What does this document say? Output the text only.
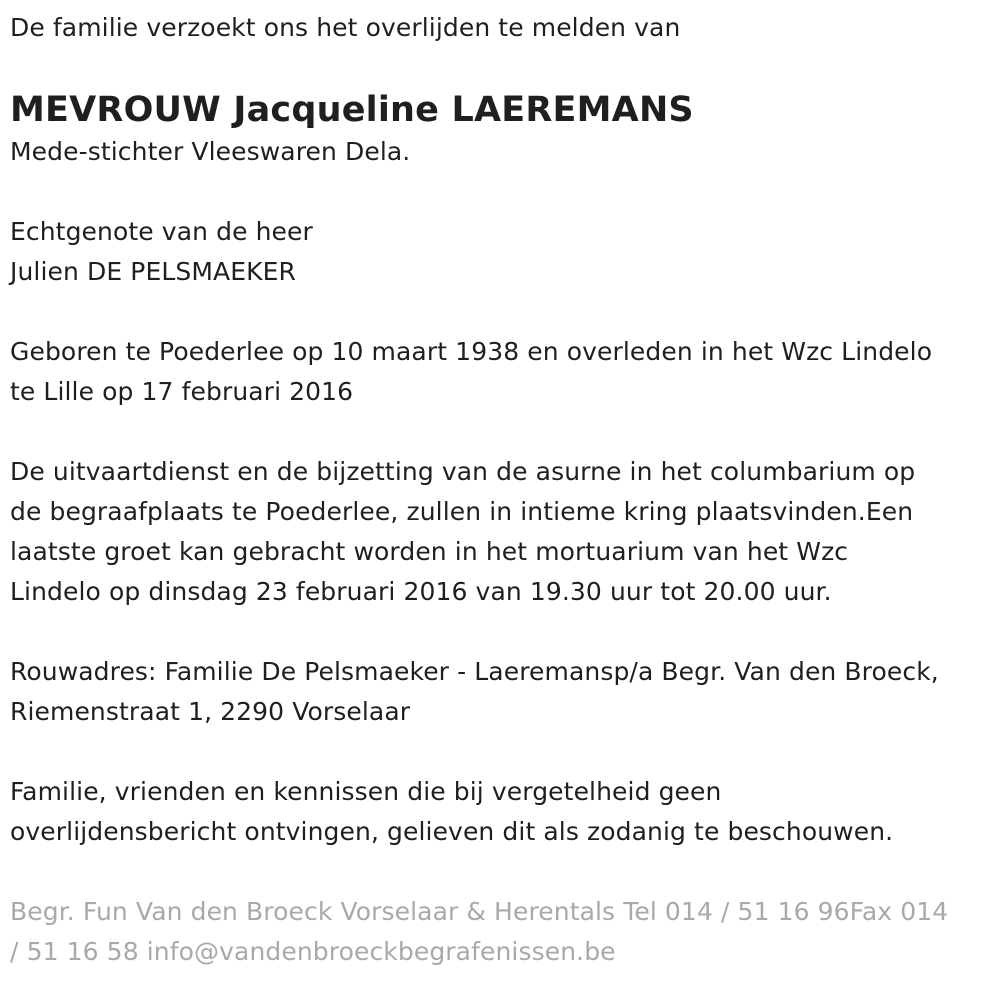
De familie verzoekt ons het overlijden te melden van

MEVROUW Jacqueline LAEREMANS

Mede-stichter Vleeswaren Dela.

Echtgenote van de heer

Julien DE PELSMAEKER

Geboren te Poederlee op 10 maart 1938 en overleden in het Wzc Lindelo

te Lille op 17 februari 2016

De uitvaartdienst en de bijzetting van de asurne in het columbarium op

de begraafplaats te Poederlee, zullen in intieme kring plaatsvinden.Een

laatste groet kan gebracht worden in het mortuarium van het Wzc

Lindelo op dinsdag 23 februari 2016 van 19.30 uur tot 20.00 uur.

Rouwadres: Familie De Pelsmaeker - Laeremansp/a Begr. Van den Broeck,

Riemenstraat 1, 2290 Vorselaar

Familie, vrienden en kennissen die bij vergetelheid geen

overlijdensbericht ontvingen, gelieven dit als zodanig te beschouwen.

Begr. Fun Van den Broeck Vorselaar & Herentals Tel 014 / 51 16 96Fax 014

/ 51 16 58 info@vandenbroeckbegrafenissen.be
